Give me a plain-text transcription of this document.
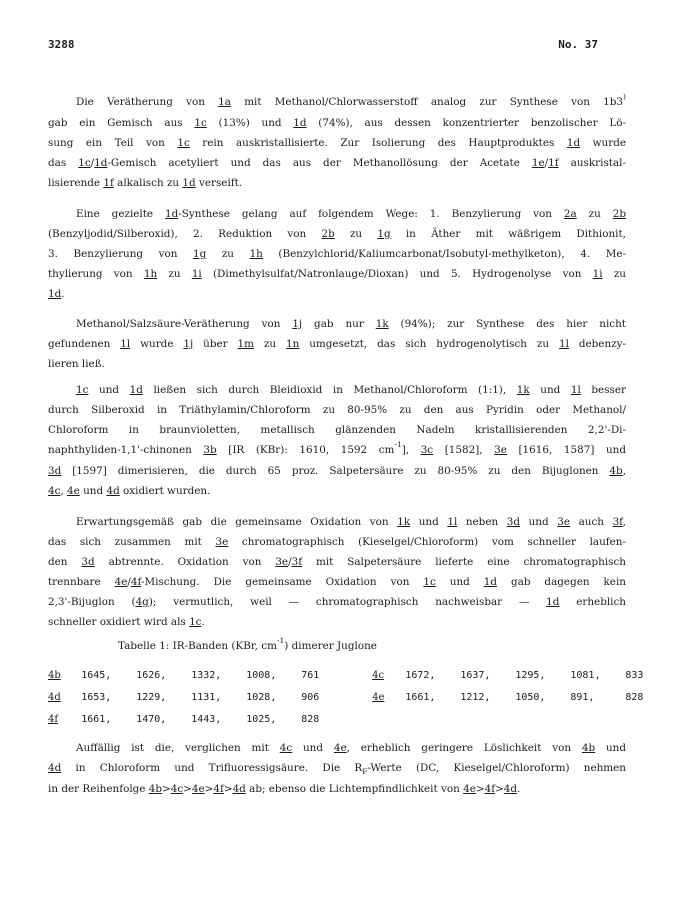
3288	No. 37
Die Verätherung von 1a mit Methanol/Chlorwasserstoff analog zur Synthese von 1b3)
gab ein Gemisch aus 1c (13%) und 1d (74%), aus dessen konzentrierter benzolischer Lö-
sung ein Teil von 1c rein auskristallisierte. Zur Isolierung des Hauptproduktes 1d wurde
das 1c/1d-Gemisch acetyliert und das aus der Methanollösung der Acetate 1e/1f auskristal-
lisierende 1f alkalisch zu 1d verseift.
Eine gezielte 1d-Synthese gelang auf folgendem Wege: 1. Benzylierung von 2a zu 2b
(Benzyljodid/Silberoxid), 2. Reduktion von 2b zu 1g in Äther mit wäßrigem Dithionit,
3. Benzylierung von 1g zu 1h (Benzylchlorid/Kaliumcarbonat/Isobutyl-methylketon), 4. Me-
thylierung von 1h zu 1i (Dimethylsulfat/Natronlauge/Dioxan) und 5. Hydrogenolyse von 1i zu
1d.
Methanol/Salzsäure-Verätherung von 1j gab nur 1k (94%); zur Synthese des hier nicht
gefundenen 1l wurde 1j über 1m zu 1n umgesetzt, das sich hydrogenolytisch zu 1l debenzy-
lieren ließ.
1c und 1d ließen sich durch Bleidioxid in Methanol/Chloroform (1:1), 1k und 1l besser
durch Silberoxid in Triäthylamin/Chloroform zu 80-95% zu den aus Pyridin oder Methanol/
Chloroform in braunvioletten, metallisch glänzenden Nadeln kristallisierenden 2,2'-Di-
naphthyliden-1,1'-chinonen 3b [IR (KBr): 1610, 1592 $cm^{-1}$], 3c [1582], 3e [1616, 1587] und
3d [1597] dimerisieren, die durch 65 proz. Salpetersäure zu 80-95% zu den Bijuglonen 4b,
4c, 4e und 4d oxidiert wurden.
Erwartungsgemäß gab die gemeinsame Oxidation von 1k und 1l neben 3d und 3e auch 3f,
das sich zusammen mit 3e chromatographisch (Kieselgel/Chloroform) vom schneller laufen-
den 3d abtrennte. Oxidation von 3e/3f mit Salpetersäure lieferte eine chromatographisch
trennbare 4e/4f-Mischung. Die gemeinsame Oxidation von 1c und 1d gab dagegen kein
2,3'-Bijuglon (4g); vermutlich, weil — chromatographisch nachweisbar — 1d erheblich
schneller oxidiert wird als 1c.
Auffällig ist die, verglichen mit 4c und 4e, erheblich geringere Löslichkeit von 4b und
4d in Chloroform und Trifluoressigsäure. Die $R_F$-Werte (DC, Kieselgel/Chloroform) nehmen
in der Reihenfolge 4b>4c>4e>4f>4d ab; ebenso die Lichtempfindlichkeit von 4e>4f>4d.
Tabelle 1: IR-Banden (KBr, $cm^{-1}$) dimerer Juglone
4b	1645,	1626,	1332,	1008,	761		4c	1672,	1637,	1295,	1081,	833
4d	1653,	1229,	1131,	1028,	906		4e	1661,	1212,	1050,	891,	828
4f	1661,	1470,	1443,	1025,	828							
